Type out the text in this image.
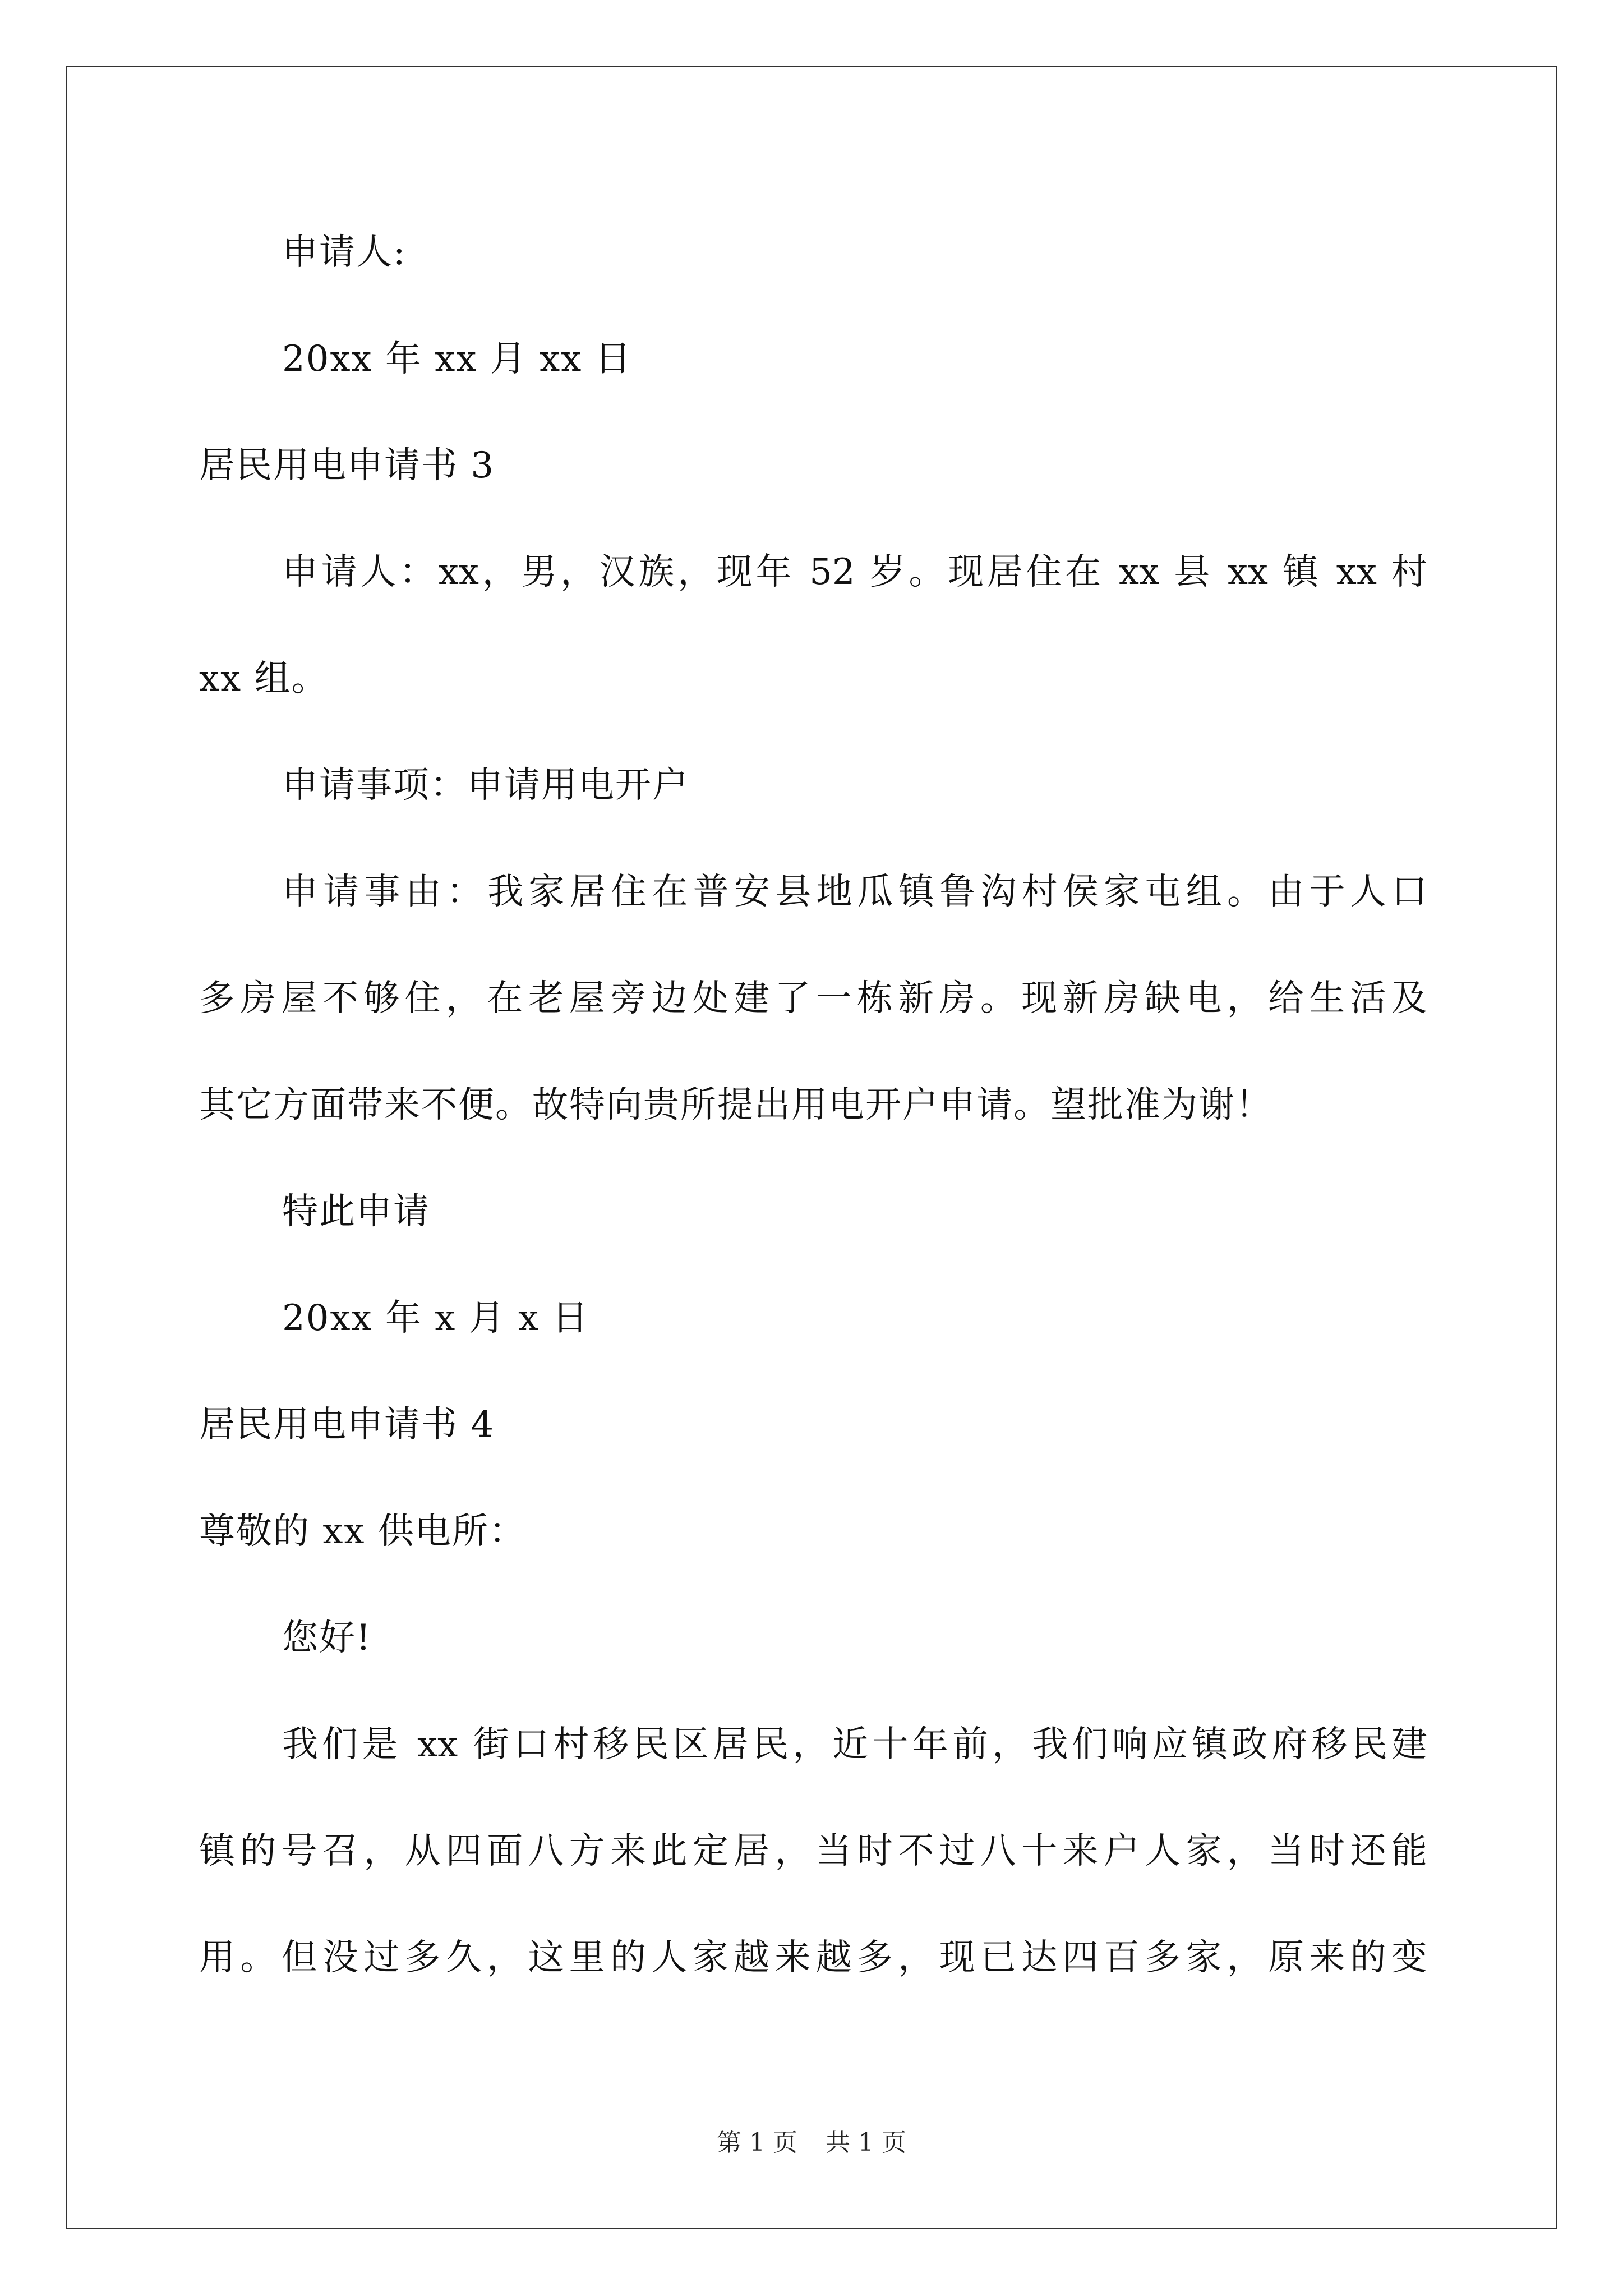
申请人:
20xx 年 xx 月 xx 日
居民用电申请书 3
申请人：xx，男，汉族，现年 52 岁。现居住在 xx 县 xx 镇 xx 村
xx 组。
申请事项：申请用电开户
申请事由：我家居住在普安县地瓜镇鲁沟村侯家屯组。由于人口
多房屋不够住，在老屋旁边处建了一栋新房。现新房缺电，给生活及
其它方面带来不便。故特向贵所提出用电开户申请。望批准为谢！
特此申请
20xx 年 x 月 x 日
居民用电申请书 4
尊敬的 xx 供电所：
您好!
我们是 xx 街口村移民区居民，近十年前，我们响应镇政府移民建
镇的号召，从四面八方来此定居，当时不过八十来户人家，当时还能
用。但没过多久，这里的人家越来越多，现已达四百多家，原来的变
第 1 页 共 1 页
